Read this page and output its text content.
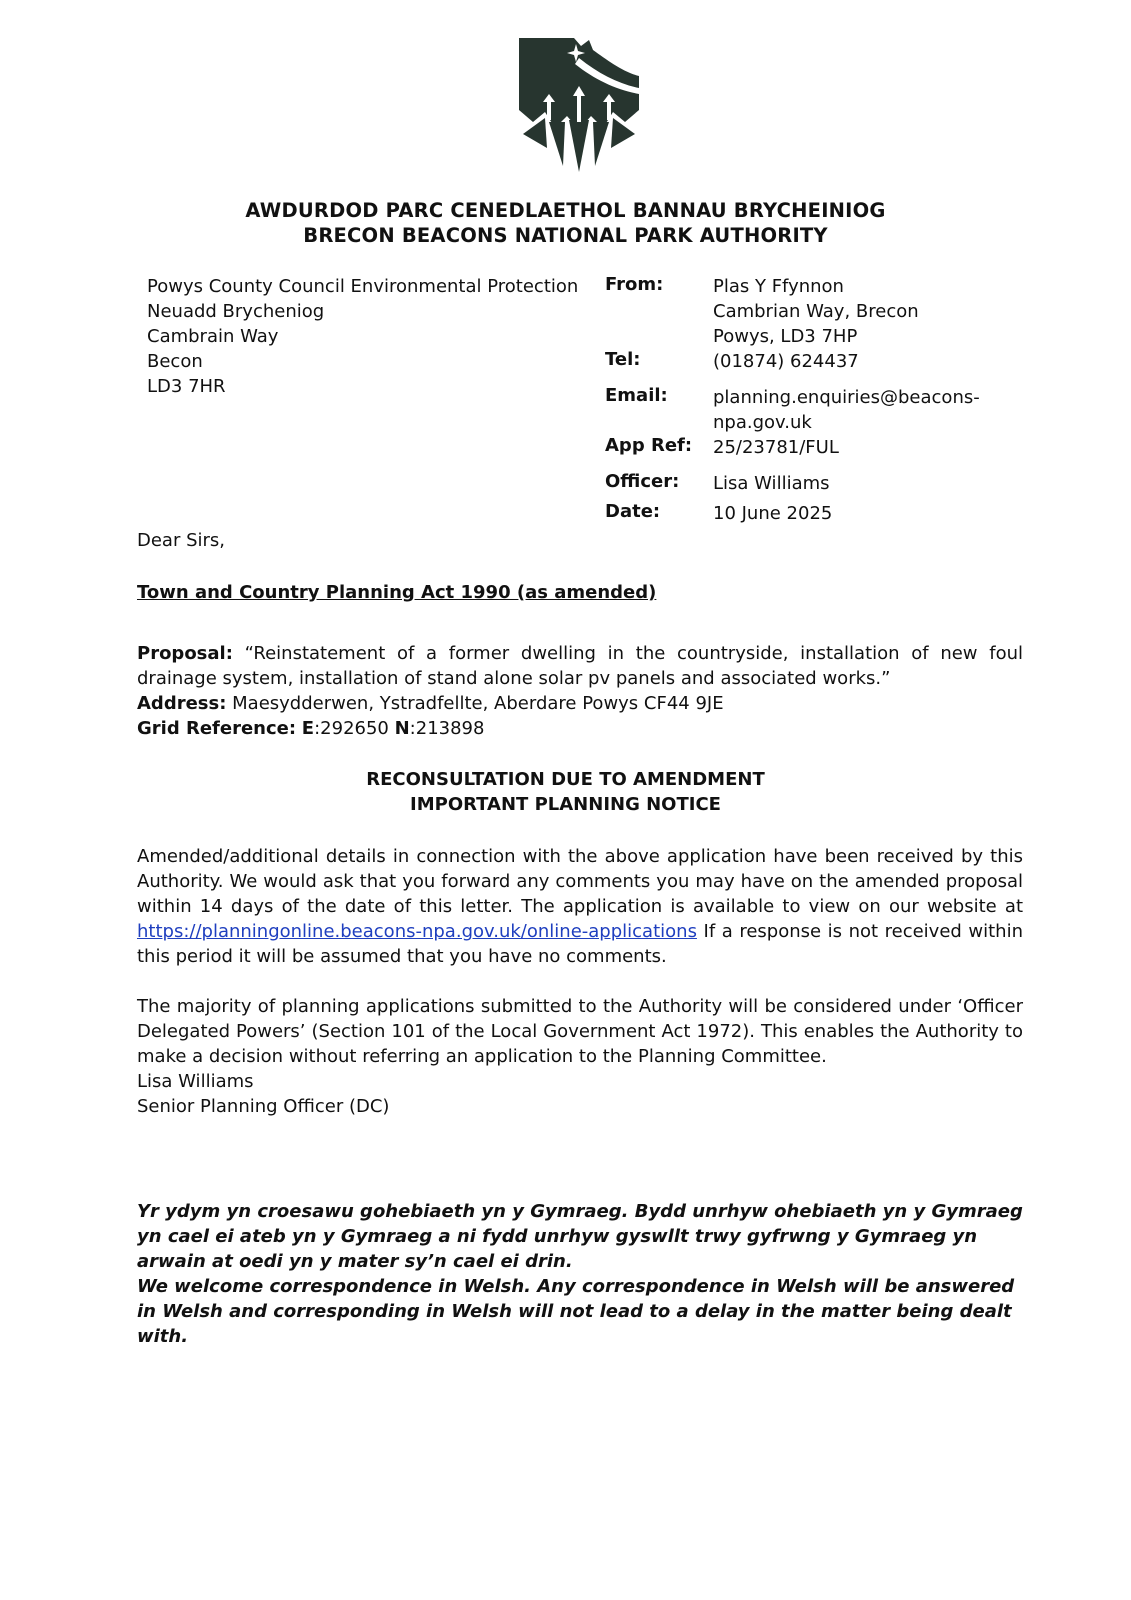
AWDURDOD PARC CENEDLAETHOL BANNAU BRYCHEINIOG
BRECON BEACONS NATIONAL PARK AUTHORITY
Powys County Council Environmental Protection
Neuadd Brycheniog
Cambrain Way
Becon
LD3 7HR
From:	Plas Y Ffynnon
Cambrian Way, Brecon
Powys, LD3 7HP
Tel:	(01874) 624437
Email:	planning.enquiries@beacons-
npa.gov.uk
App Ref:	25/23781/FUL
Officer:	Lisa Williams
Date:	10 June 2025
Dear Sirs,
Town and Country Planning Act 1990 (as amended)
Proposal: “Reinstatement of a former dwelling in the countryside, installation of new foul drainage system, installation of stand alone solar pv panels and associated works.”
Address: Maesydderwen, Ystradfellte, Aberdare Powys CF44 9JE
Grid Reference: E:292650 N:213898
RECONSULTATION DUE TO AMENDMENT
IMPORTANT PLANNING NOTICE
Amended/additional details in connection with the above application have been received by this Authority. We would ask that you forward any comments you may have on the amended proposal within 14 days of the date of this letter. The application is available to view on our website at https://planningonline.beacons-npa.gov.uk/online-applications If a response is not received within this period it will be assumed that you have no comments.
The majority of planning applications submitted to the Authority will be considered under ‘Officer Delegated Powers’ (Section 101 of the Local Government Act 1972). This enables the Authority to make a decision without referring an application to the Planning Committee.
Lisa Williams
Senior Planning Officer (DC)
Yr ydym yn croesawu gohebiaeth yn y Gymraeg. Bydd unrhyw ohebiaeth yn y Gymraeg yn cael ei ateb yn y Gymraeg a ni fydd unrhyw gyswllt trwy gyfrwng y Gymraeg yn arwain at oedi yn y mater sy’n cael ei drin.
We welcome correspondence in Welsh. Any correspondence in Welsh will be answered in Welsh and corresponding in Welsh will not lead to a delay in the matter being dealt with.
